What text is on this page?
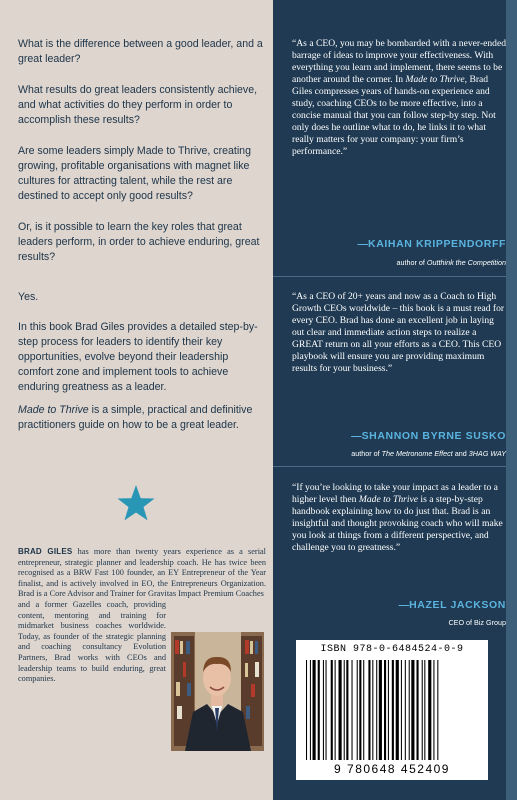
What is the difference between a good leader, and a great leader?

What results do great leaders consistently achieve, and what activities do they perform in order to accomplish these results?

Are some leaders simply Made to Thrive, creating growing, profitable organisations with magnet like cultures for attracting talent, while the rest are destined to accept only good results?

Or, is it possible to learn the key roles that great leaders perform, in order to achieve enduring, great results?

Yes.

In this book Brad Giles provides a detailed step-by-step process for leaders to identify their key opportunities, evolve beyond their leadership comfort zone and implement tools to achieve enduring greatness as a leader.

Made to Thrive is a simple, practical and definitive practitioners guide on how to be a great leader.

BRAD GILES has more than twenty years experience as a serial entrepreneur, strategic planner and leadership coach. He has twice been recognised as a BRW Fast 100 founder, an EY Entrepreneur of the Year finalist, and is actively involved in EO, the Entrepreneurs Organization. Brad is a Core Advisor and Trainer for Gravitas Impact Premium Coaches
and a former Gazelles coach, providing content, mentoring and training for midmarket business coaches worldwide. Today, as founder of the strategic planning and coaching consultancy Evolution Partners, Brad works with CEOs and leadership teams to build enduring, great companies.

“As a CEO, you may be bombarded with a never-ended barrage of ideas to improve your effectiveness. With everything you learn and implement, there seems to be another around the corner. In Made to Thrive, Brad Giles compresses years of hands-on experience and study, coaching CEOs to be more effective, into a concise manual that you can follow step-by step. Not only does he outline what to do, he links it to what really matters for your company: your firm’s performance.”

—KAIHAN KRIPPENDORFF
author of Outthink the Competition

“As a CEO of 20+ years and now as a Coach to High Growth CEOs worldwide – this book is a must read for every CEO. Brad has done an excellent job in laying out clear and immediate action steps to realize a GREAT return on all your efforts as a CEO. This CEO playbook will ensure you are providing maximum results for your business.”

—SHANNON BYRNE SUSKO
author of The Metronome Effect and 3HAG WAY

“If you’re looking to take your impact as a leader to a higher level then Made to Thrive is a step-by-step handbook explaining how to do just that. Brad is an insightful and thought provoking coach who will make you look at things from a different perspective, and challenge you to greatness.”

—HAZEL JACKSON
CEO of Biz Group
ISBN 978-0-6484524-0-9
9 780648 452409
